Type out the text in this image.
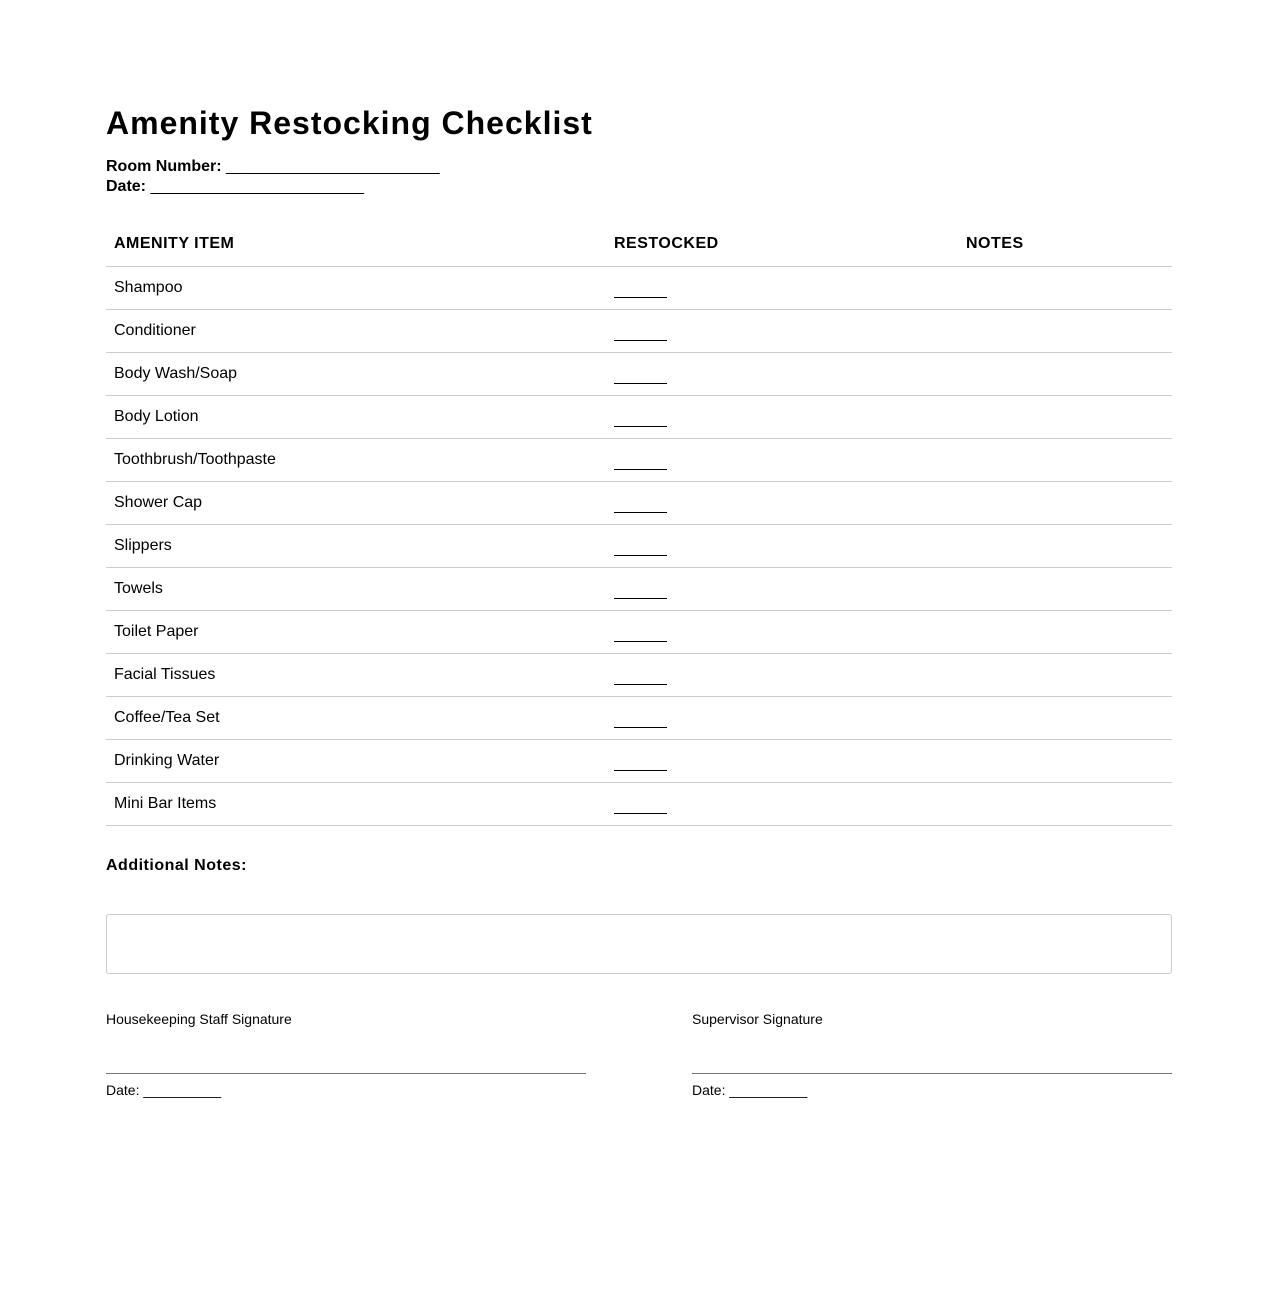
Amenity Restocking Checklist
Room Number: ________________________
Date: ________________________
AMENITY ITEM	RESTOCKED	NOTES
Shampoo		
Conditioner		
Body Wash/Soap		
Body Lotion		
Toothbrush/Toothpaste		
Shower Cap		
Slippers		
Towels		
Toilet Paper		
Facial Tissues		
Coffee/Tea Set		
Drinking Water		
Mini Bar Items		
Additional Notes:
Housekeeping Staff Signature
Date: __________
Supervisor Signature
Date: __________
